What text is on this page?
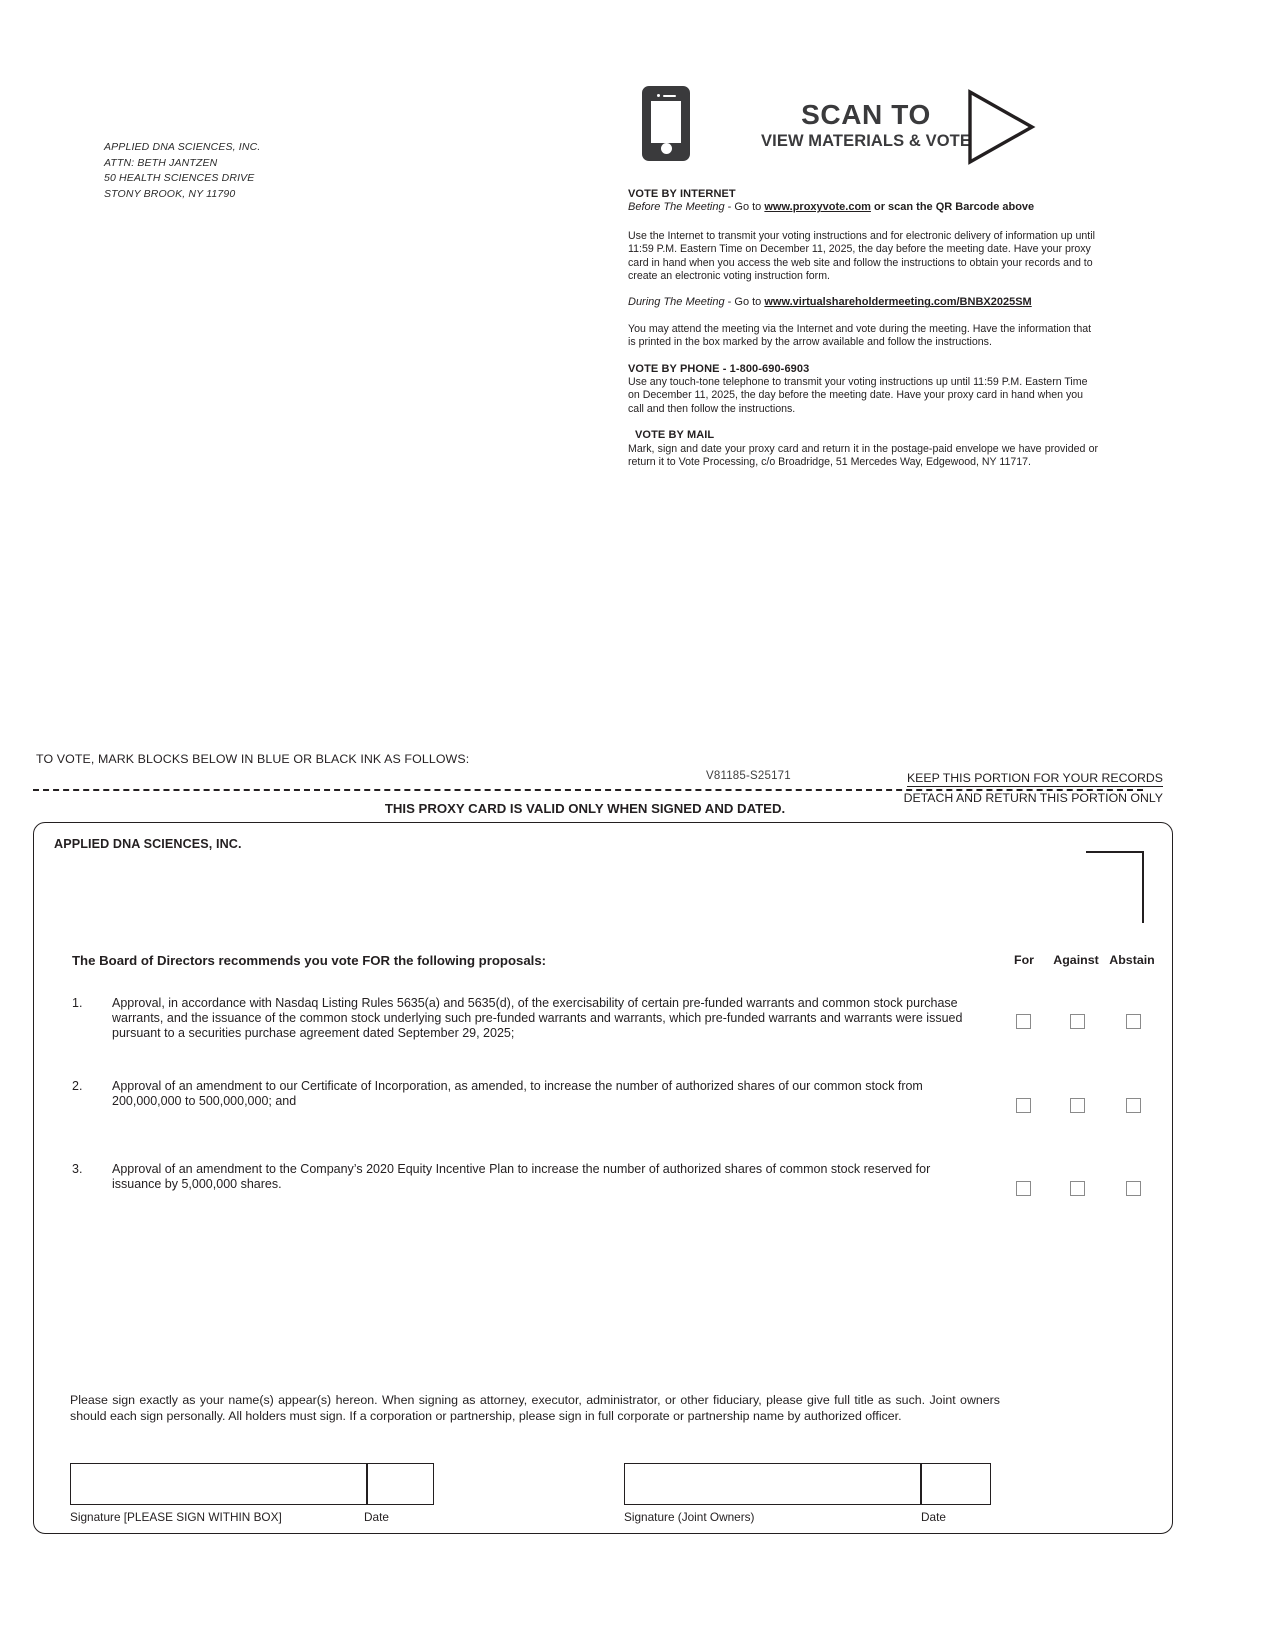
APPLIED DNA SCIENCES, INC.
ATTN: BETH JANTZEN
50 HEALTH SCIENCES DRIVE
STONY BROOK, NY 11790
SCAN TO
VIEW MATERIALS & VOTE
VOTE BY INTERNET
Before The Meeting - Go to www.proxyvote.com or scan the QR Barcode above

Use the Internet to transmit your voting instructions and for electronic delivery of information up until 11:59 P.M. Eastern Time on December 11, 2025, the day before the meeting date. Have your proxy card in hand when you access the web site and follow the instructions to obtain your records and to create an electronic voting instruction form.

During The Meeting - Go to www.virtualshareholdermeeting.com/BNBX2025SM

You may attend the meeting via the Internet and vote during the meeting. Have the information that is printed in the box marked by the arrow available and follow the instructions.

VOTE BY PHONE - 1-800-690-6903

Use any touch-tone telephone to transmit your voting instructions up until 11:59 P.M. Eastern Time on December 11, 2025, the day before the meeting date. Have your proxy card in hand when you call and then follow the instructions.

VOTE BY MAIL

Mark, sign and date your proxy card and return it in the postage-paid envelope we have provided or return it to Vote Processing, c/o Broadridge, 51 Mercedes Way, Edgewood, NY 11717.

TO VOTE, MARK BLOCKS BELOW IN BLUE OR BLACK INK AS FOLLOWS:
V81185-S25171	KEEP THIS PORTION FOR YOUR RECORDS
DETACH AND RETURN THIS PORTION ONLY
THIS PROXY CARD IS VALID ONLY WHEN SIGNED AND DATED.
APPLIED DNA SCIENCES, INC.
The Board of Directors recommends you vote FOR the following proposals:	For	Against Abstain
1.	Approval, in accordance with Nasdaq Listing Rules 5635(a) and 5635(d), of the exercisability of certain pre-funded warrants and common stock purchase warrants, and the issuance of the common stock underlying such pre-funded warrants and warrants, which pre-funded warrants and warrants were issued pursuant to a securities purchase agreement dated September 29, 2025;
2.	Approval of an amendment to our Certificate of Incorporation, as amended, to increase the number of authorized shares of our common stock from 200,000,000 to 500,000,000; and
3.	Approval of an amendment to the Company’s 2020 Equity Incentive Plan to increase the number of authorized shares of common stock reserved for issuance by 5,000,000 shares.
Please sign exactly as your name(s) appear(s) hereon. When signing as attorney, executor, administrator, or other fiduciary, please give full title as such. Joint owners should each sign personally. All holders must sign. If a corporation or partnership, please sign in full corporate or partnership name by authorized officer.
Signature [PLEASE SIGN WITHIN BOX]	Date	Signature (Joint Owners)	Date
